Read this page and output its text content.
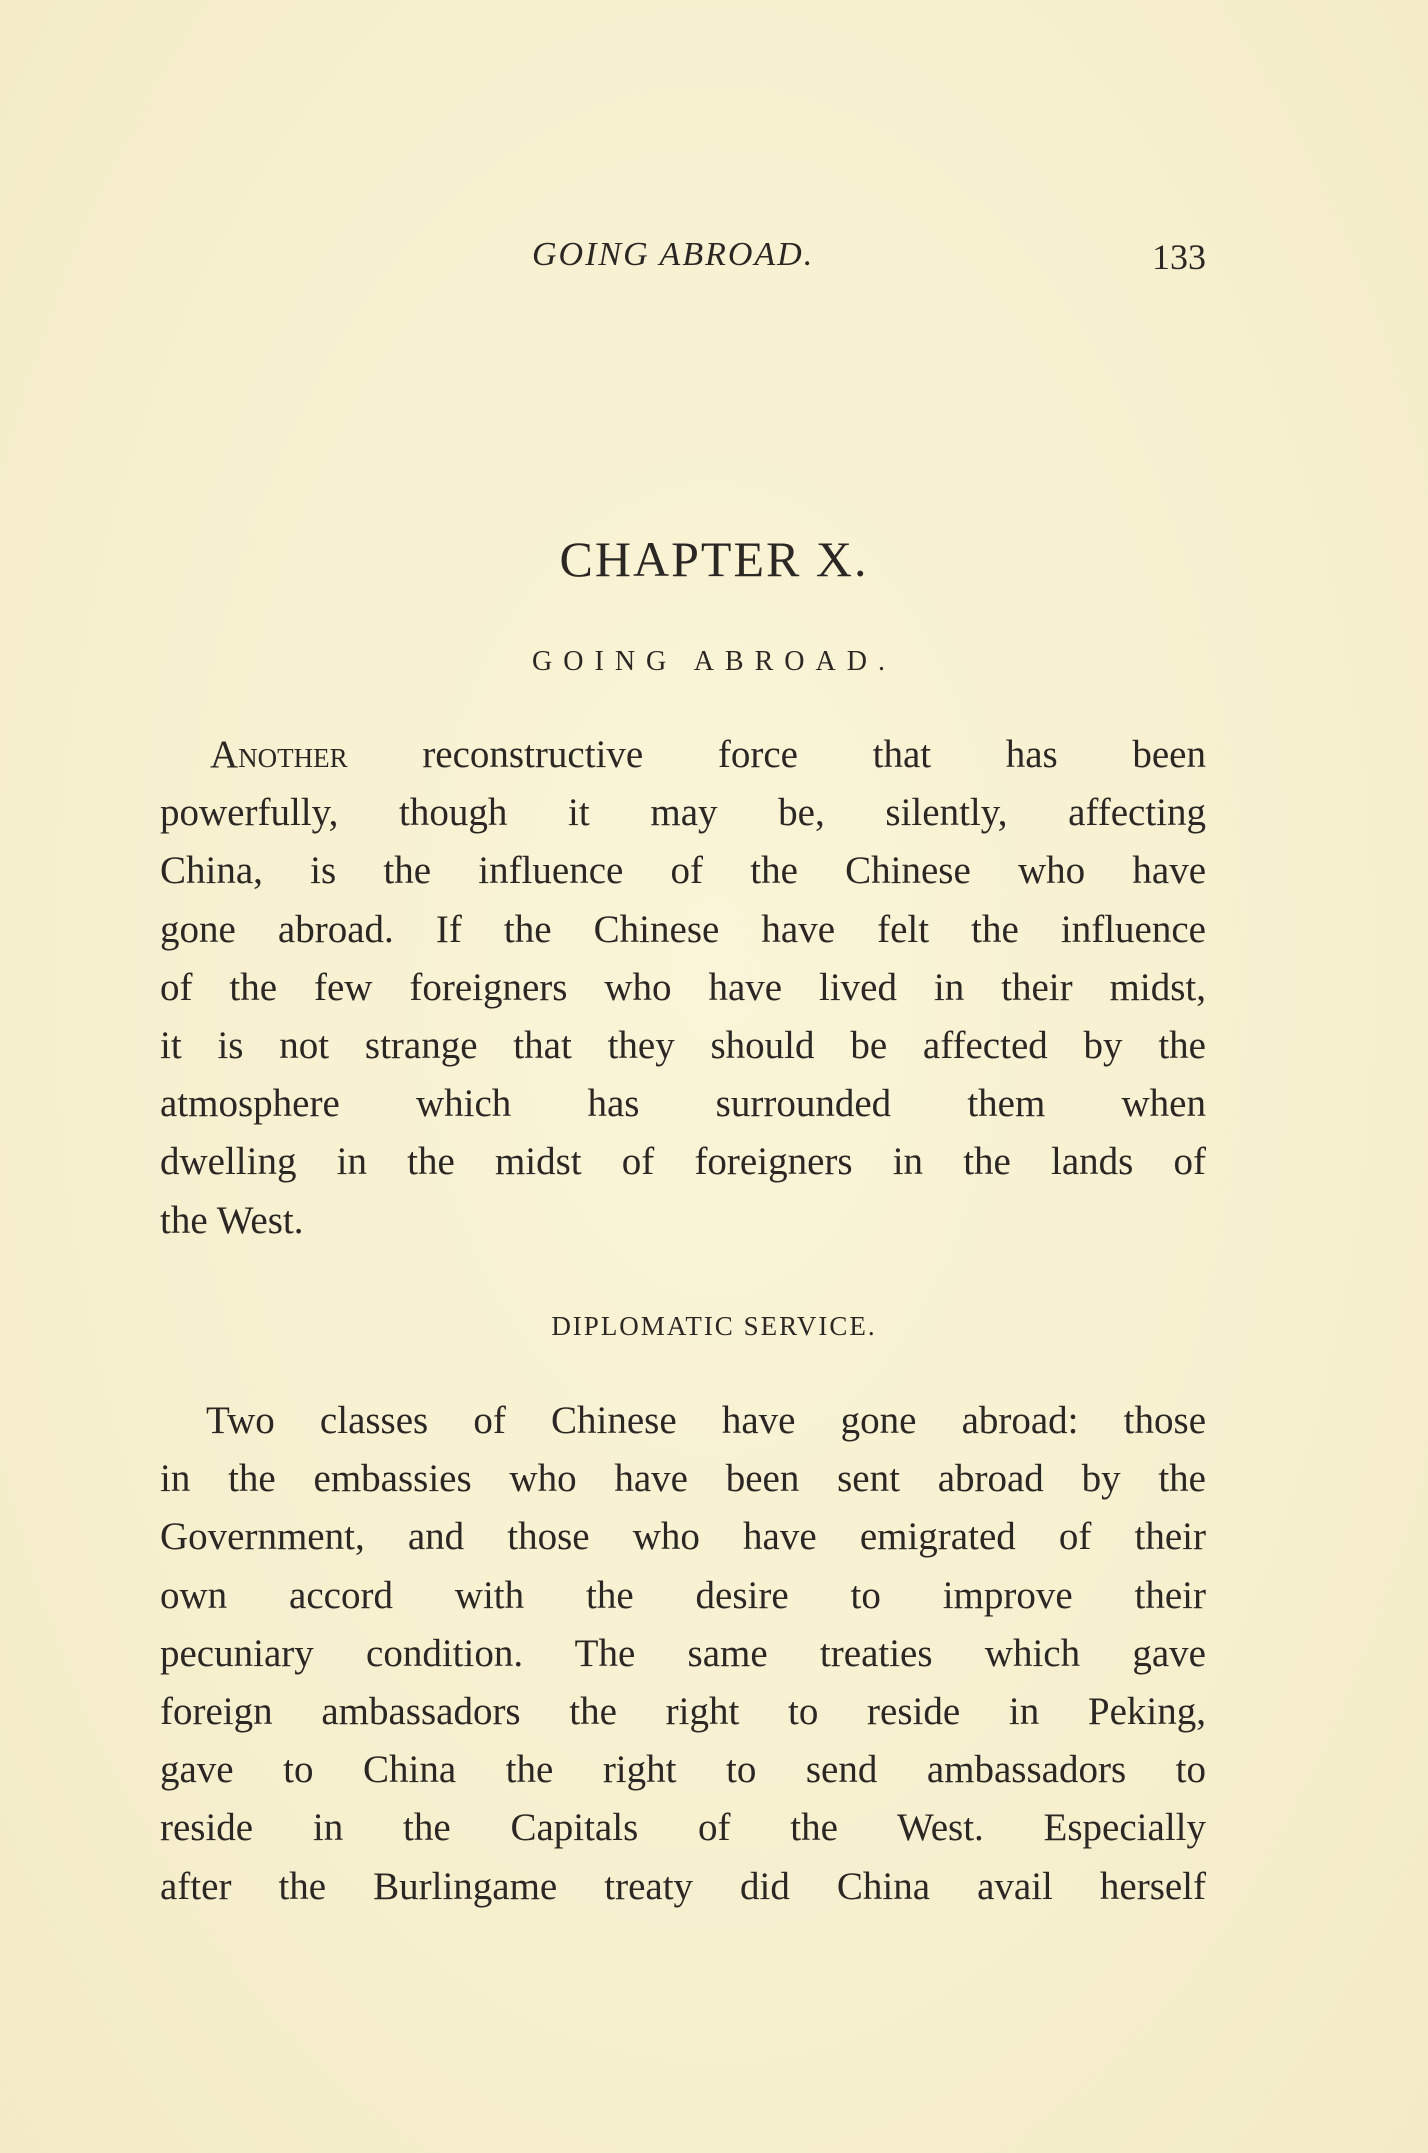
GOING ABROAD.	133
CHAPTER X.
GOING ABROAD.
Another reconstructive force that has been
powerfully, though it may be, silently, affecting
China, is the influence of the Chinese who have
gone abroad. If the Chinese have felt the influence
of the few foreigners who have lived in their midst,
it is not strange that they should be affected by the
atmosphere which has surrounded them when
dwelling in the midst of foreigners in the lands of
the West.
DIPLOMATIC SERVICE.
Two classes of Chinese have gone abroad: those
in the embassies who have been sent abroad by the
Government, and those who have emigrated of their
own accord with the desire to improve their
pecuniary condition. The same treaties which gave
foreign ambassadors the right to reside in Peking,
gave to China the right to send ambassadors to
reside in the Capitals of the West. Especially
after the Burlingame treaty did China avail herself
